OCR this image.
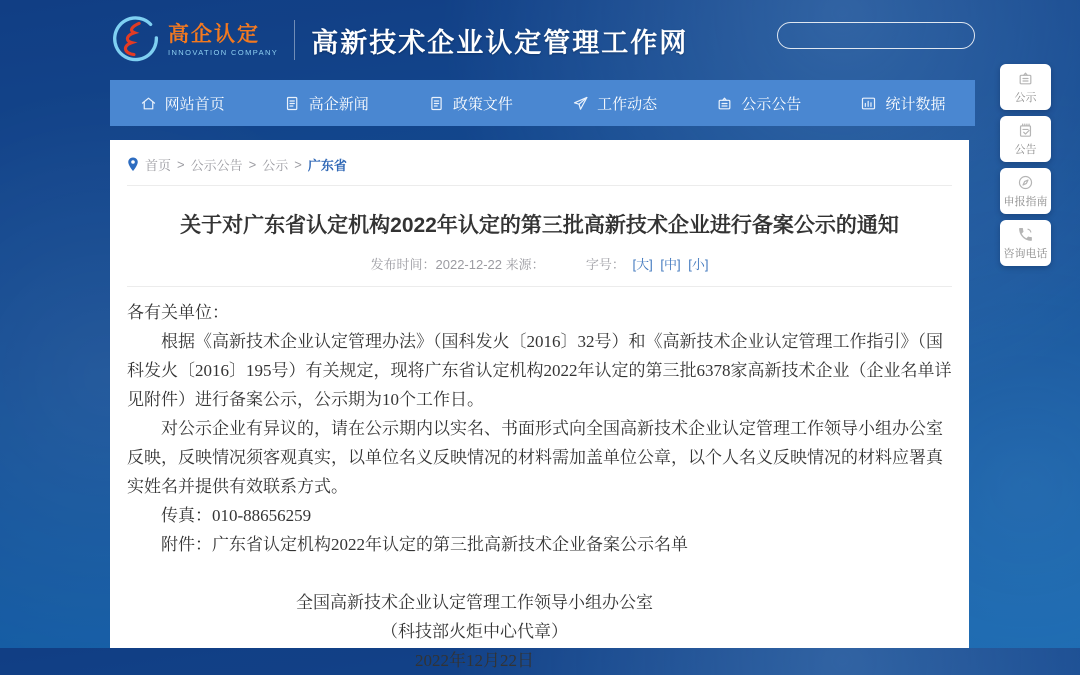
高企认定
INNOVATION COMPANY 高新技术企业认定管理工作网
网站首页	高企新闻	政策文件	工作动态	公示公告	统计数据
首页 > 公示公告 > 公示 > 广东省
关于对广东省认定机构2022年认定的第三批高新技术企业进行备案公示的通知
发布时间：2022-12-22 来源：	字号： [大] [中] [小]

各有关单位：

根据《高新技术企业认定管理办法》（国科发火〔2016〕32号）和《高新技术企业认定管理工作指引》（国科发火〔2016〕195号）有关规定，现将广东省认定机构2022年认定的第三批6378家高新技术企业（企业名单详见附件）进行备案公示，公示期为10个工作日。

对公示企业有异议的，请在公示期内以实名、书面形式向全国高新技术企业认定管理工作领导小组办公室反映，反映情况须客观真实，以单位名义反映情况的材料需加盖单位公章，以个人名义反映情况的材料应署真实姓名并提供有效联系方式。

传真：010-88656259

附件：广东省认定机构2022年认定的第三批高新技术企业备案公示名单

全国高新技术企业认定管理工作领导小组办公室
（科技部火炬中心代章）
2022年12月22日
公示
公告
申报指南
咨询电话
